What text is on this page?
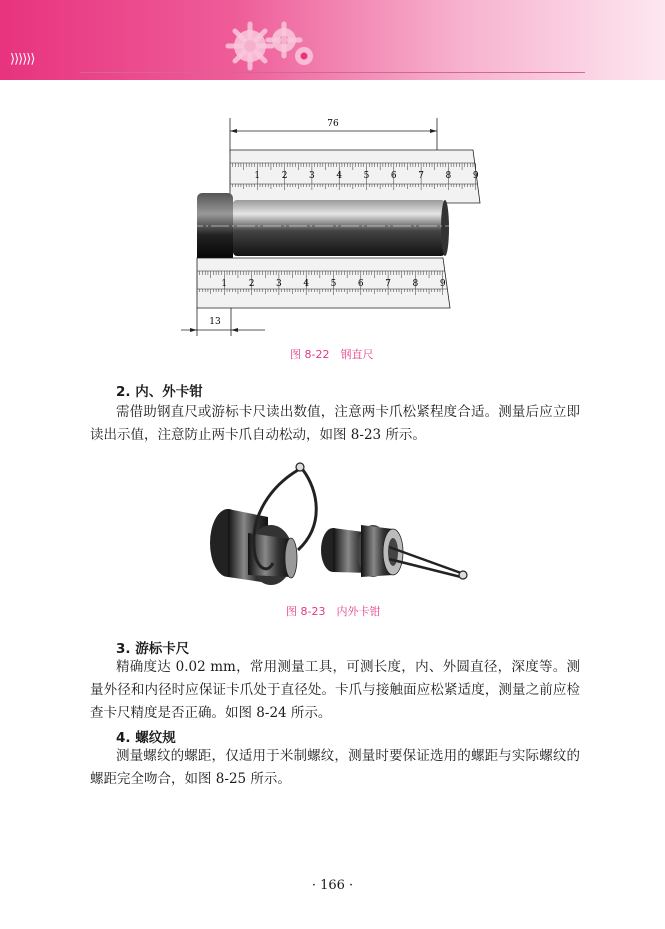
⟩⟩⟩⟩⟩⟩
76
1 2 3 4 5 6 7 8 9
1 2 3 4 5 6 7 8 9
13
图 8-22　钢直尺
2. 内、外卡钳
需借助钢直尺或游标卡尺读出数值，注意两卡爪松紧程度合适。测量后应立即读出示值，注意防止两卡爪自动松动，如图 8-23 所示。
图 8-23　内外卡钳
3. 游标卡尺
精确度达 0.02 mm，常用测量工具，可测长度，内、外圆直径，深度等。测量外径和内径时应保证卡爪处于直径处。卡爪与接触面应松紧适度，测量之前应检查卡尺精度是否正确。如图 8-24 所示。
4. 螺纹规
测量螺纹的螺距，仅适用于米制螺纹，测量时要保证选用的螺距与实际螺纹的螺距完全吻合，如图 8-25 所示。
· 166 ·
